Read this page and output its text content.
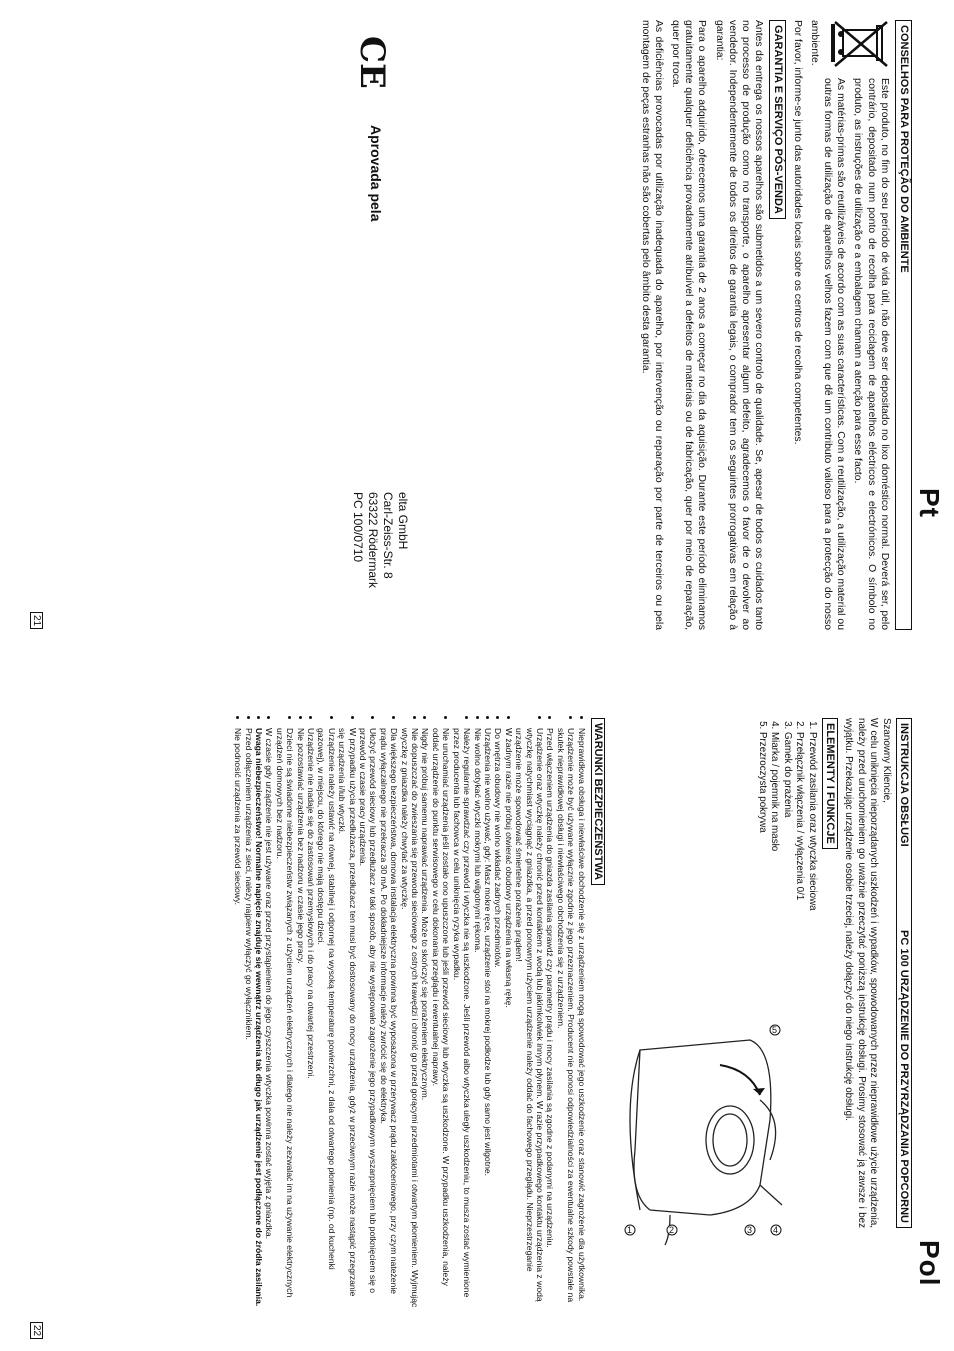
CONSELHOS PARA PROTEÇÃO DO AMBIENTE

Este produto, no fim do seu período de vida útil, não deve ser depositado no lixo doméstico normal. Deverá ser, pelo contrário, depositado num ponto de recolha para reciclagem de aparelhos eléctricos e electrónicos. O símbolo no produto, as instruções de utilização e a embalagem chamam a atenção para esse facto.

As matérias-primas são reutilizáveis de acordo com as suas características. Com a reutilização, a utilização material ou outras formas de utilização de aparelhos velhos fazem com que dê um contributo valioso para a protecção do nosso ambiente.

Por favor, informe-se junto das autoridades locais sobre os centros de recolha competentes.

GARANTIA E SERVIÇO PÓS-VENDA

Antes da entrega os nossos aparelhos são submetidos a um severo controlo de qualidade. Se, apesar de todos os cuidados tanto no processo de produção como no transporte, o aparelho apresentar algum defeito, agradecemos o favor de o devolver ao vendedor. Independentemente de todos os direitos de garantia legais, o comprador tem os seguintes prorrogativas em relação à garantia:

Para o aparelho adquirido, oferecemos uma garantia de 2 anos a começar no dia da aquisição. Durante este período eliminamos gratuitamente qualquer deficiência provadamente atribuível a defeitos de materiais ou de fabricação, quer por meio de reparação, quer por troca.

As deficiências provocadas por utilização inadequada do aparelho, por intervenção ou reparação por parte de terceiros ou pela montagem de peças estranhas não são cobertas pelo âmbito desta garantia.

Pt
CE
Aprovada pela
elta GmbH
Carl-Zeiss-Str. 8
63322 Rödermark
PC 100/0710
21
Pol
INSTRUKCJA OBSŁUGI
PC 100 URZĄDZENIE DO PRZYRZĄDZANIA POPCORNU
Szanowny Kliencie,

W celu uniknięcia nieporządanych uszkodzeń i wypadków, spowodowanych przez nieprawidłowe użycie urządzenia, należy przed uruchomieniem go uważnie przeczytać poniższą instrukcję obsługi. Prosimy stosować ją zawsze i bez wyjątku. Przekazując urządzenie osobie trzeciej, należy dołączyć do niego instrukcję obsługi.

ELEMENTY I FUNKCJE
1. Przewód zasilania oraz wtyczka sieciowa
2. Przełącznik włączenia / wyłączenia 0/1
3. Gamek do prażenia
4. Miarka / pojemnik na masło
5. Przezroczysta pokrywa
1	2	3 4
5
WARUNKI BEZPIECZEŃSTWA
• Nieprawidłowa obsługa i niewłaściwe obchodzenie się z urządzeniem mogą spowodować jego uszkodzenie oraz stanowić zagrożenie dla użytkownika.
• Urządzenie może być używane wyłącznie zgodnie z jego przeznaczeniem. Producent nie ponosi odpowiedzialności za ewentualne szkody powstałe na skutek nieprawidłowej obsługi i niewłaściwego obchodzenia się z urządzeniem.
• Przed włączeniem urządzenia do gniazda zasilania sprawdź czy parametry prądu i mocy zasilania są zgodne z podanymi na urządzeniu.
• Urządzenie oraz wtyczkę należy chronić przed kontaktem z wodą lub jakimkolwiek innym płynem. W razie przypadkowego kontaktu urządzenia z wodą wtyczkę natychmiast wyciągnąć z gniazdka, a przed ponownym użyciem urządzenie należy oddać do fachowego przeglądu. Nieprzestrzeganie urządzenie może spowodować śmiertelne porażenie prądem!
• W żadnym razie nie próbuj otwierać obudowy urządzenia na własną rękę.
• Do wnętrza obudowy nie wolno wkładać żadnych przedmiotów.
• Urządzenia nie wolno używać, gdy: Masz mokre ręce, urządzenie stoi na mokrej podłodze lub gdy samo jest wilgotne.
• Nie wolno dotykać wtyczki mokrymi lub wilgotnymi rękoma.
• Należy regularnie sprawdzać czy przewód i wtyczka nie są uszkodzone. Jeśli przewód albo wtyczka uległy uszkodzeniu, to musza zostać wymienione przez producenta lub fachowca w celu uniknięcia ryzyka wypadku.
• Nie uruchamiać urządzenia jeśli zostało ono upuszczone lub jeśli przewód sieciowy lub wtyczka są uszkodzone. W przypadku uszkodzenia, należy oddać urządzenie do punktu serwisowego w celu dokonania przeglądu i ewentualnej naprawy.
• Nigdy nie próbuj samemu naprawiać urządzenia. Może to skończyć się porażeniem elektrycznym.
• Nie dopuszczać do zwieszania się przewodu sieciowego z ostrych krawędzi i chronić go przed gorącymi przedmiotami i otwartym płomieniem. Wyjmując wtyczkę z gniazdka należy chwytać za wtyczkę.
• Dla większego bezpieczeństwa, domowa instalacja elektryczna powinna być wyposażona w przerywacz prądu zakłóceniowego, przy czym nateżenie prądu wyłączalnego nie przekracza 30 mA. Po dokładniejsze informacje należy zwrócić się do elektryka.
• Ułożyć przewód sieciowy lub przedłużacz w taki sposób, aby nie występowało zagrożenie jego przypadkowym wyszarpnięciem lub potknięciem się o przewód w czasie pracy urządzenia.
• W przypadku użycia przedłużacza, przedłużacz ten musi być dostosowany do mocy urządzenia, gdyż w przeciwnym razie może nastąpić przegrzanie się urządzenia i/lub wtyczki.
• Urządzenie należy ustawić na równej, stabilnej i odpornej na wysoką temperaturę powierzchni, z dala od otwartego płomienia (np. od kuchenki gazowej), w miejscu, do którego nie mają dostępu dzieci.
• Urządzenie nie nadaje się do zastosowań przemysłowych i do pracy na otwartej przestrzeni.
• Nie pozostawiać urządzenia bez nadzoru w czasie jego pracy.
• Dzieci nie są świadome niebezpieczeństw związanych z użyciem urządzeń elektrycznych i dlatego nie należy zezwalać im na używanie elektrycznych urządzeń domowych bez nadzoru.
• W czasie gdy urządzenie nie jest używane oraz przed przystąpieniem do jego czyszczenia wtyczka powinna zostać wyjęta z gniazdka.
• Uwaga niebezpieczeństwo! Normalne napięcie znajduje się wewnątrz urządzenia tak długo jak urządzenie jest podłączone do źródła zasilania.
• Przed odłączeniem urządzenia z sieci, należy najpierw wyłączyć go wyłącznikiem.
• Nie podnosić urządzenia za przewód sieciowy.
22
